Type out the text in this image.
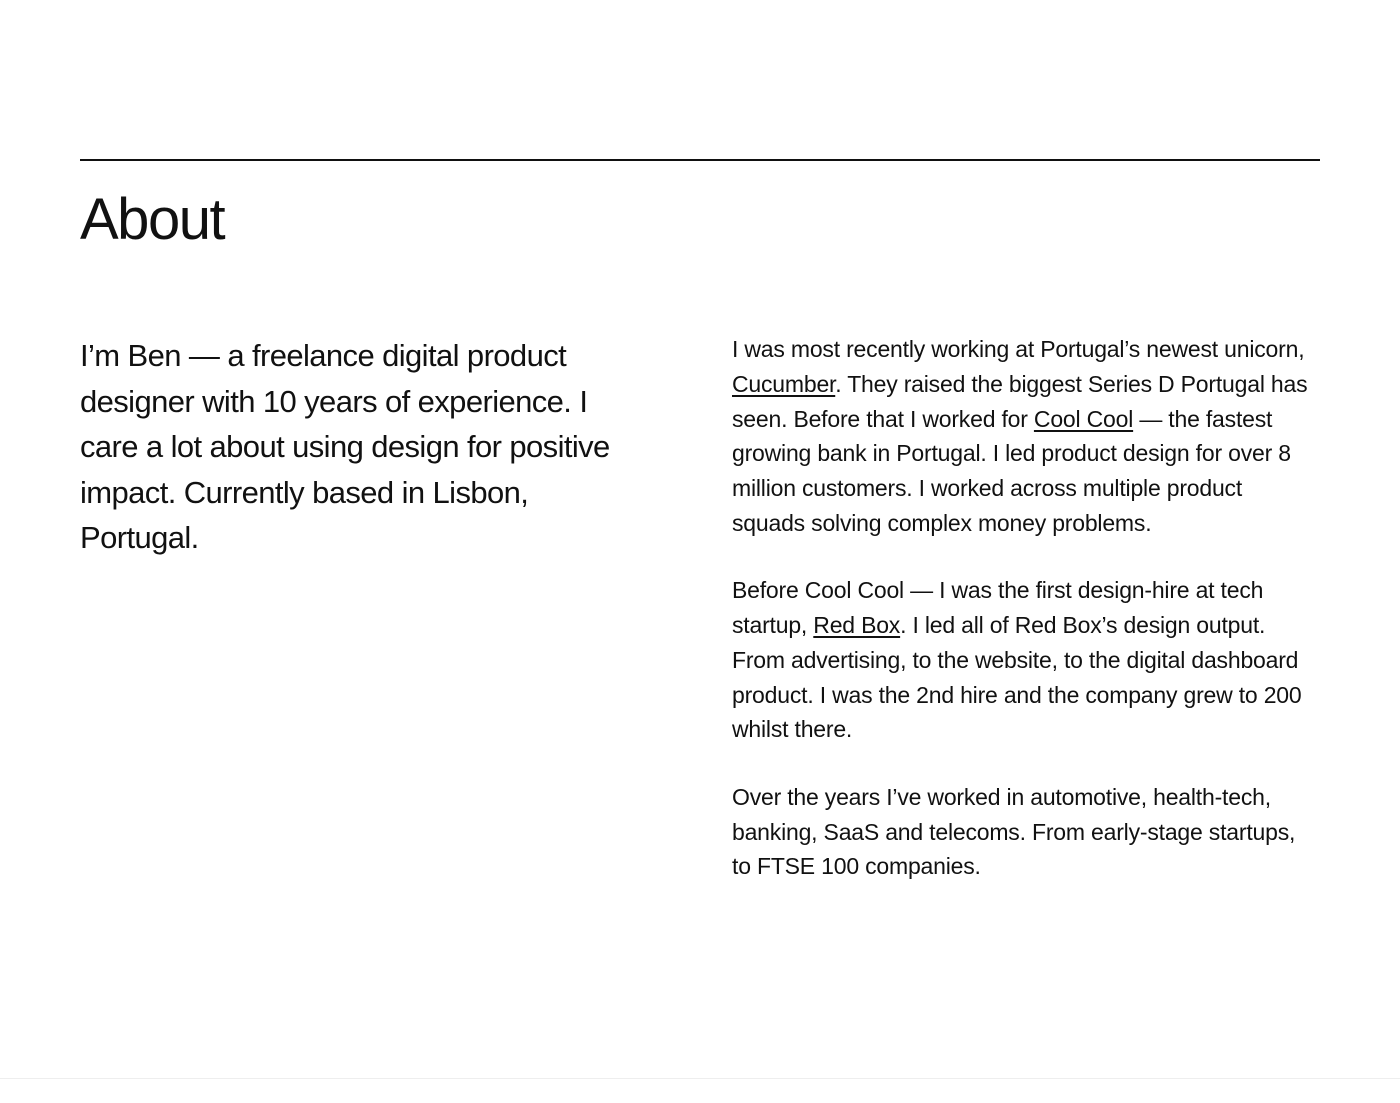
About

I’m Ben — a freelance digital product designer with 10 years of experience. I care a lot about using design for positive impact. Currently based in Lisbon, Portugal.

I was most recently working at Portugal’s newest unicorn, Cucumber. They raised the biggest Series D Portugal has seen. Before that I worked for Cool Cool — the fastest growing bank in Portugal. I led product design for over 8 million customers. I worked across multiple product squads solving complex money problems.

Before Cool Cool — I was the first design-hire at tech startup, Red Box. I led all of Red Box’s design output. From advertising, to the website, to the digital dashboard product. I was the 2nd hire and the company grew to 200 whilst there.

Over the years I’ve worked in automotive, health-tech, banking, SaaS and telecoms. From early-stage startups, to FTSE 100 companies.
